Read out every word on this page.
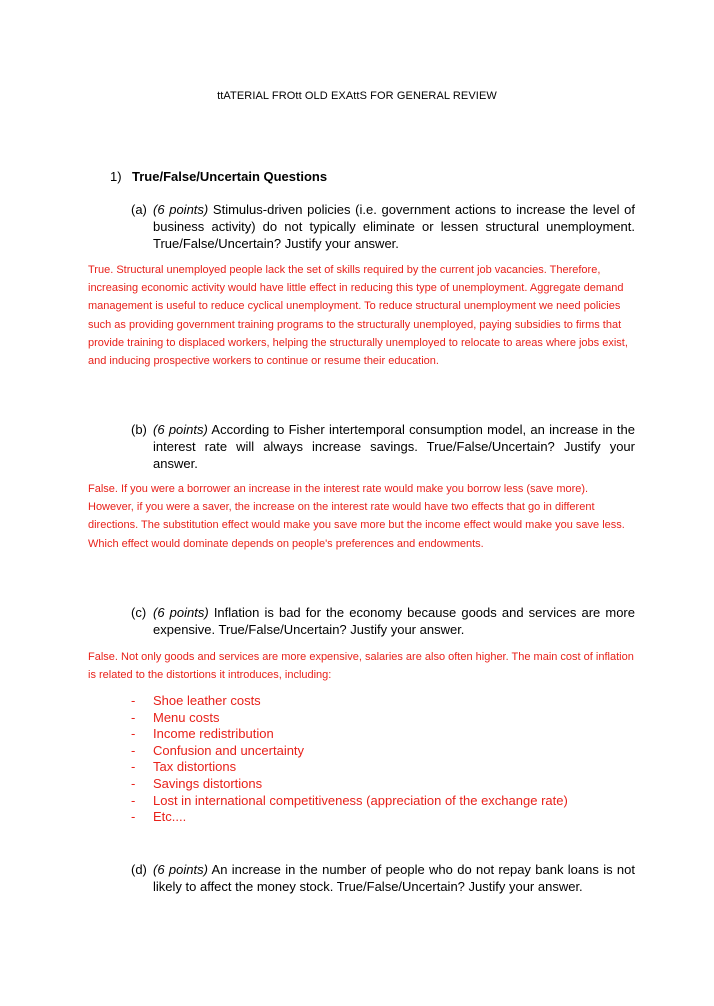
ttATERIAL FROtt OLD EXAttS FOR GENERAL REVIEW
1) True/False/Uncertain Questions
(a) (6 points) Stimulus-driven policies (i.e. government actions to increase the level of business activity) do not typically eliminate or lessen structural unemployment. True/False/Uncertain? Justify your answer.

True. Structural unemployed people lack the set of skills required by the current job vacancies. Therefore, increasing economic activity would have little effect in reducing this type of unemployment. Aggregate demand management is useful to reduce cyclical unemployment. To reduce structural unemployment we need policies such as providing government training programs to the structurally unemployed, paying subsidies to firms that provide training to displaced workers, helping the structurally unemployed to relocate to areas where jobs exist, and inducing prospective workers to continue or resume their education.

(b) (6 points) According to Fisher intertemporal consumption model, an increase in the interest rate will always increase savings. True/False/Uncertain? Justify your answer.

False. If you were a borrower an increase in the interest rate would make you borrow less (save more). However, if you were a saver, the increase on the interest rate would have two effects that go in different directions. The substitution effect would make you save more but the income effect would make you save less. Which effect would dominate depends on people's preferences and endowments.

(c) (6 points) Inflation is bad for the economy because goods and services are more expensive. True/False/Uncertain? Justify your answer.

False. Not only goods and services are more expensive, salaries are also often higher. The main cost of inflation is related to the distortions it introduces, including:

- Shoe leather costs
- Menu costs
- Income redistribution
- Confusion and uncertainty
- Tax distortions
- Savings distortions
- Lost in international competitiveness (appreciation of the exchange rate)
- Etc....
(d) (6 points) An increase in the number of people who do not repay bank loans is not likely to affect the money stock. True/False/Uncertain? Justify your answer.
